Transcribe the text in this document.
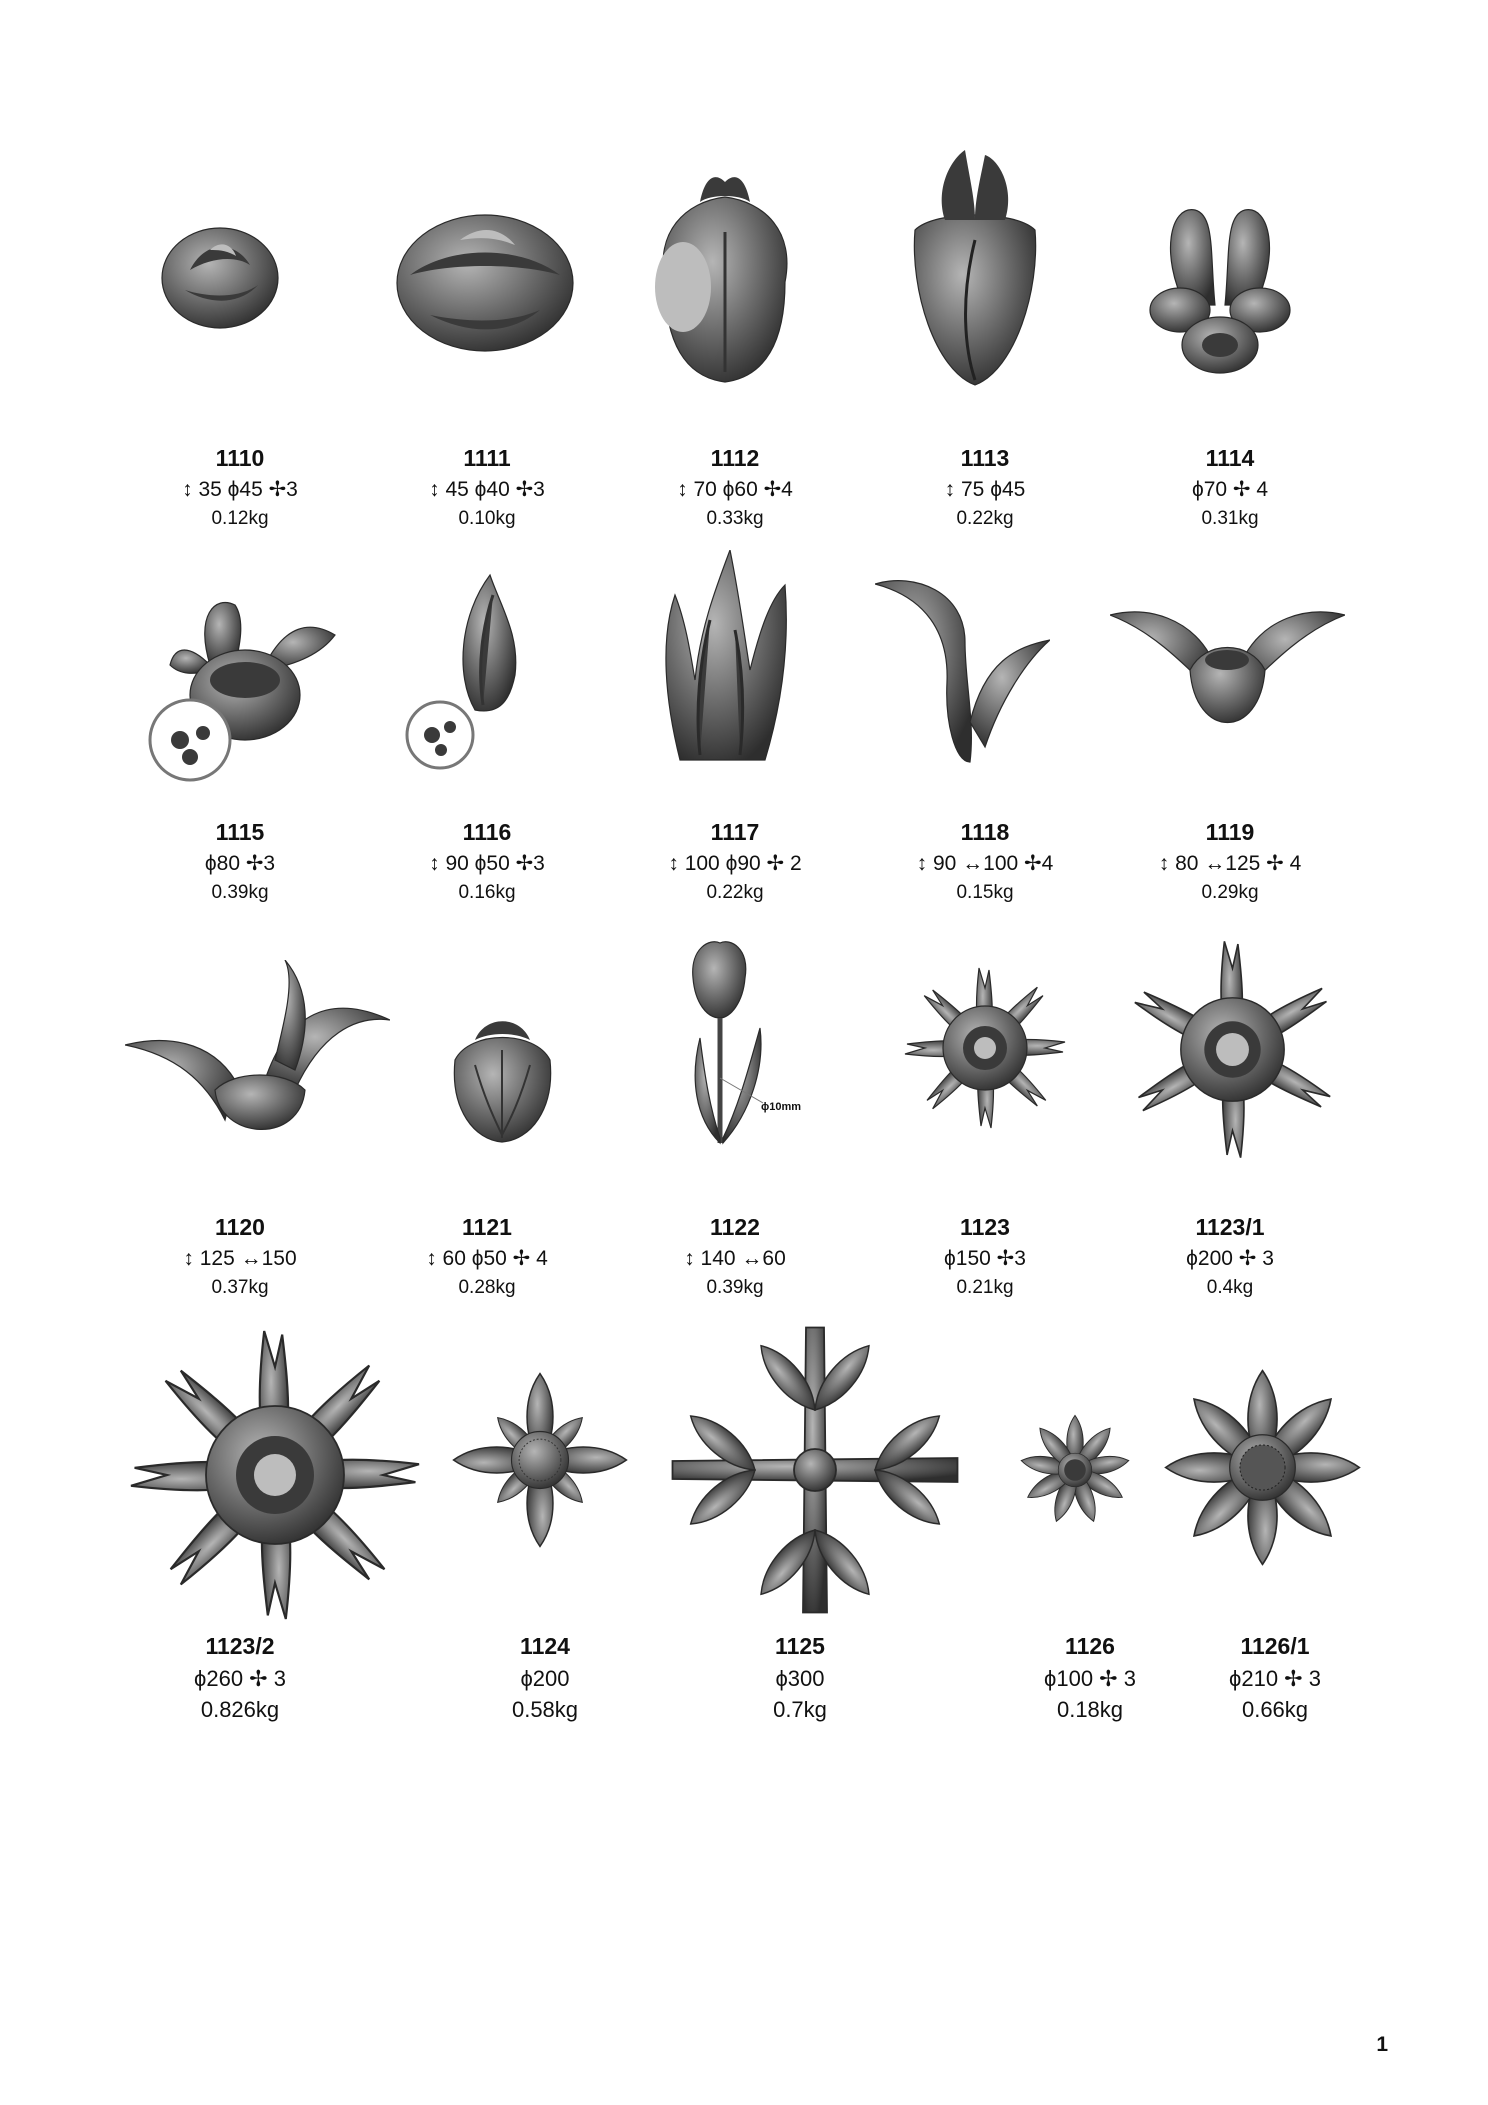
1110
↕ 35 ϕ45 ✢3
0.12kg
1111
↕ 45 ϕ40 ✢3
0.10kg
1112
↕ 70 ϕ60 ✢4
0.33kg
1113
↕ 75 ϕ45
0.22kg
1114
ϕ70 ✢ 4
0.31kg
1115
ϕ80 ✢3
0.39kg
1116
↕ 90 ϕ50 ✢3
0.16kg
1117
↕ 100 ϕ90 ✢ 2
0.22kg
1118
↕ 90 ↔100 ✢4
0.15kg
1119
↕ 80 ↔125 ✢ 4
0.29kg
1120
↕ 125 ↔150
0.37kg
1121
↕ 60 ϕ50 ✢ 4
0.28kg
ϕ10mm
1122
↕ 140 ↔60
0.39kg
1123
ϕ150 ✢3
0.21kg
1123/1
ϕ200 ✢ 3
0.4kg
1123/2
ϕ260 ✢ 3
0.826kg
1124
ϕ200
0.58kg
1125
ϕ300
0.7kg
1126
ϕ100 ✢ 3
0.18kg
1126/1
ϕ210 ✢ 3
0.66kg
1
